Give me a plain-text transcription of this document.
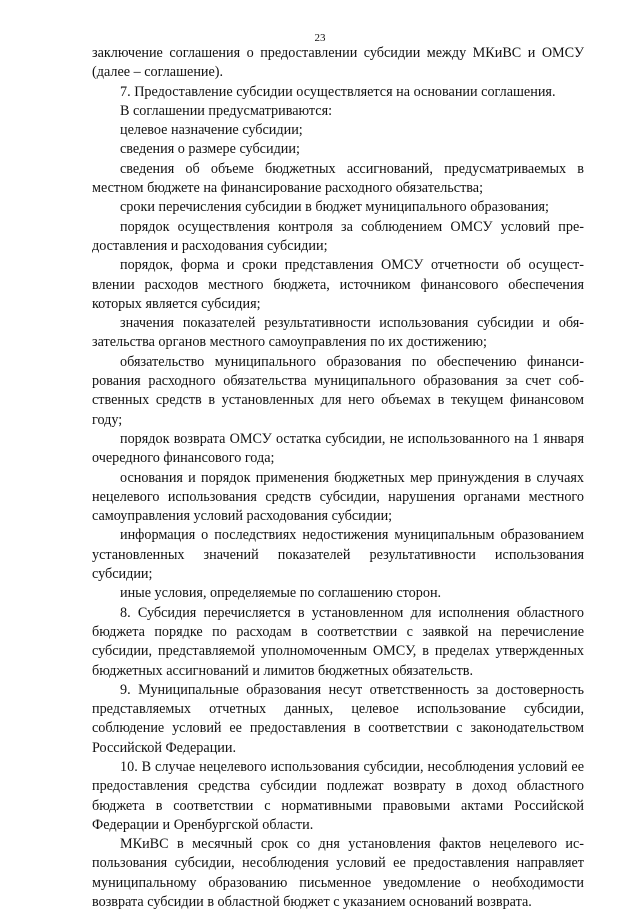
23

заключение соглашения о предоставлении субсидии между МКиВС и ОМСУ (далее – соглашение).

7. Предоставление субсидии осуществляется на основании соглашения.

В соглашении предусматриваются:

целевое назначение субсидии;

сведения о размере субсидии;

сведения об объеме бюджетных ассигнований, предусматриваемых в местном бюджете на финансирование расходного обязательства;

сроки перечисления субсидии в бюджет муниципального образования;

порядок осуществления контроля за соблюдением ОМСУ условий предоставления и расходования субсидии;

порядок, форма и сроки представления ОМСУ отчетности об осуществлении расходов местного бюджета, источником финансового обеспечения которых является субсидия;

значения показателей результативности использования субсидии и обязательства органов местного самоуправления по их достижению;

обязательство муниципального образования по обеспечению финансирования расходного обязательства муниципального образования за счет собственных средств в установленных для него объемах в текущем финансовом году;

порядок возврата ОМСУ остатка субсидии, не использованного на 1 января очередного финансового года;

основания и порядок применения бюджетных мер принуждения в случаях нецелевого использования средств субсидии, нарушения органами местного самоуправления условий расходования субсидии;

информация о последствиях недостижения муниципальным образованием установленных значений показателей результативности использования субсидии;

иные условия, определяемые по соглашению сторон.

8. Субсидия перечисляется в установленном для исполнения областного бюджета порядке по расходам в соответствии с заявкой на перечисление субсидии, представляемой уполномоченным ОМСУ, в пределах утвержденных бюджетных ассигнований и лимитов бюджетных обязательств.

9. Муниципальные образования несут ответственность за достоверность представляемых отчетных данных, целевое использование субсидии, соблюдение условий ее предоставления в соответствии с законодательством Российской Федерации.

10. В случае нецелевого использования субсидии, несоблюдения условий ее предоставления средства субсидии подлежат возврату в доход областного бюджета в соответствии с нормативными правовыми актами Российской Федерации и Оренбургской области.

МКиВС в месячный срок со дня установления фактов нецелевого использования субсидии, несоблюдения условий ее предоставления направляет муниципальному образованию письменное уведомление о необходимости возврата субсидии в областной бюджет с указанием оснований возврата.
